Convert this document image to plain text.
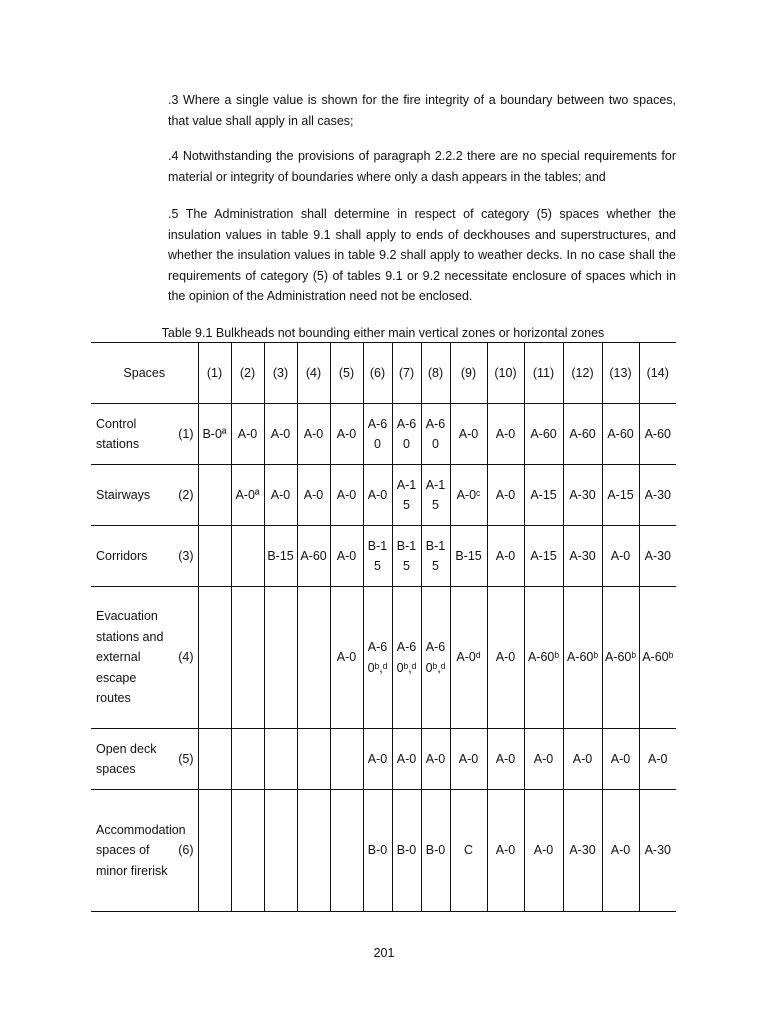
.3 Where a single value is shown for the fire integrity of a boundary between two spaces, that value shall apply in all cases;

.4 Notwithstanding the provisions of paragraph 2.2.2 there are no special requirements for material or integrity of boundaries where only a dash appears in the tables; and

.5 The Administration shall determine in respect of category (5) spaces whether the insulation values in table 9.1 shall apply to ends of deckhouses and superstructures, and whether the insulation values in table 9.2 shall apply to weather decks. In no case shall the requirements of category (5) of tables 9.1 or 9.2 necessitate enclosure of spaces which in the opinion of the Administration need not be enclosed.

Table 9.1 Bulkheads not bounding either main vertical zones or horizontal zones
Spaces		(1)	(2)	(3)	(4)	(5)	(6)	(7)	(8)	(9)	(10)	(11)	(12)	(13)	(14)
Control stations	(1)	B-0ª	A-0	A-0	A-0	A-0	A-60	A-60	A-60	A-0	A-0	A-60	A-60	A-60	A-60
Stairways	(2)		A-0ª	A-0	A-0	A-0	A-0	A-15	A-15	A-0ᶜ	A-0	A-15	A-30	A-15	A-30
Corridors	(3)			B-15	A-60	A-0	B-15	B-15	B-15	B-15	A-0	A-15	A-30	A-0	A-30
Evacuation stations and external escape routes	(4)					A-0	A-60ᵇ,ᵈ	A-60ᵇ,ᵈ	A-60ᵇ,ᵈ	A-0ᵈ	A-0	A-60ᵇ	A-60ᵇ	A-60ᵇ	A-60ᵇ
Open deck spaces	(5)						A-0	A-0	A-0	A-0	A-0	A-0	A-0	A-0	A-0
Accommodation spaces of minor firerisk	(6)						B-0	B-0	B-0	C	A-0	A-0	A-30	A-0	A-30
201
